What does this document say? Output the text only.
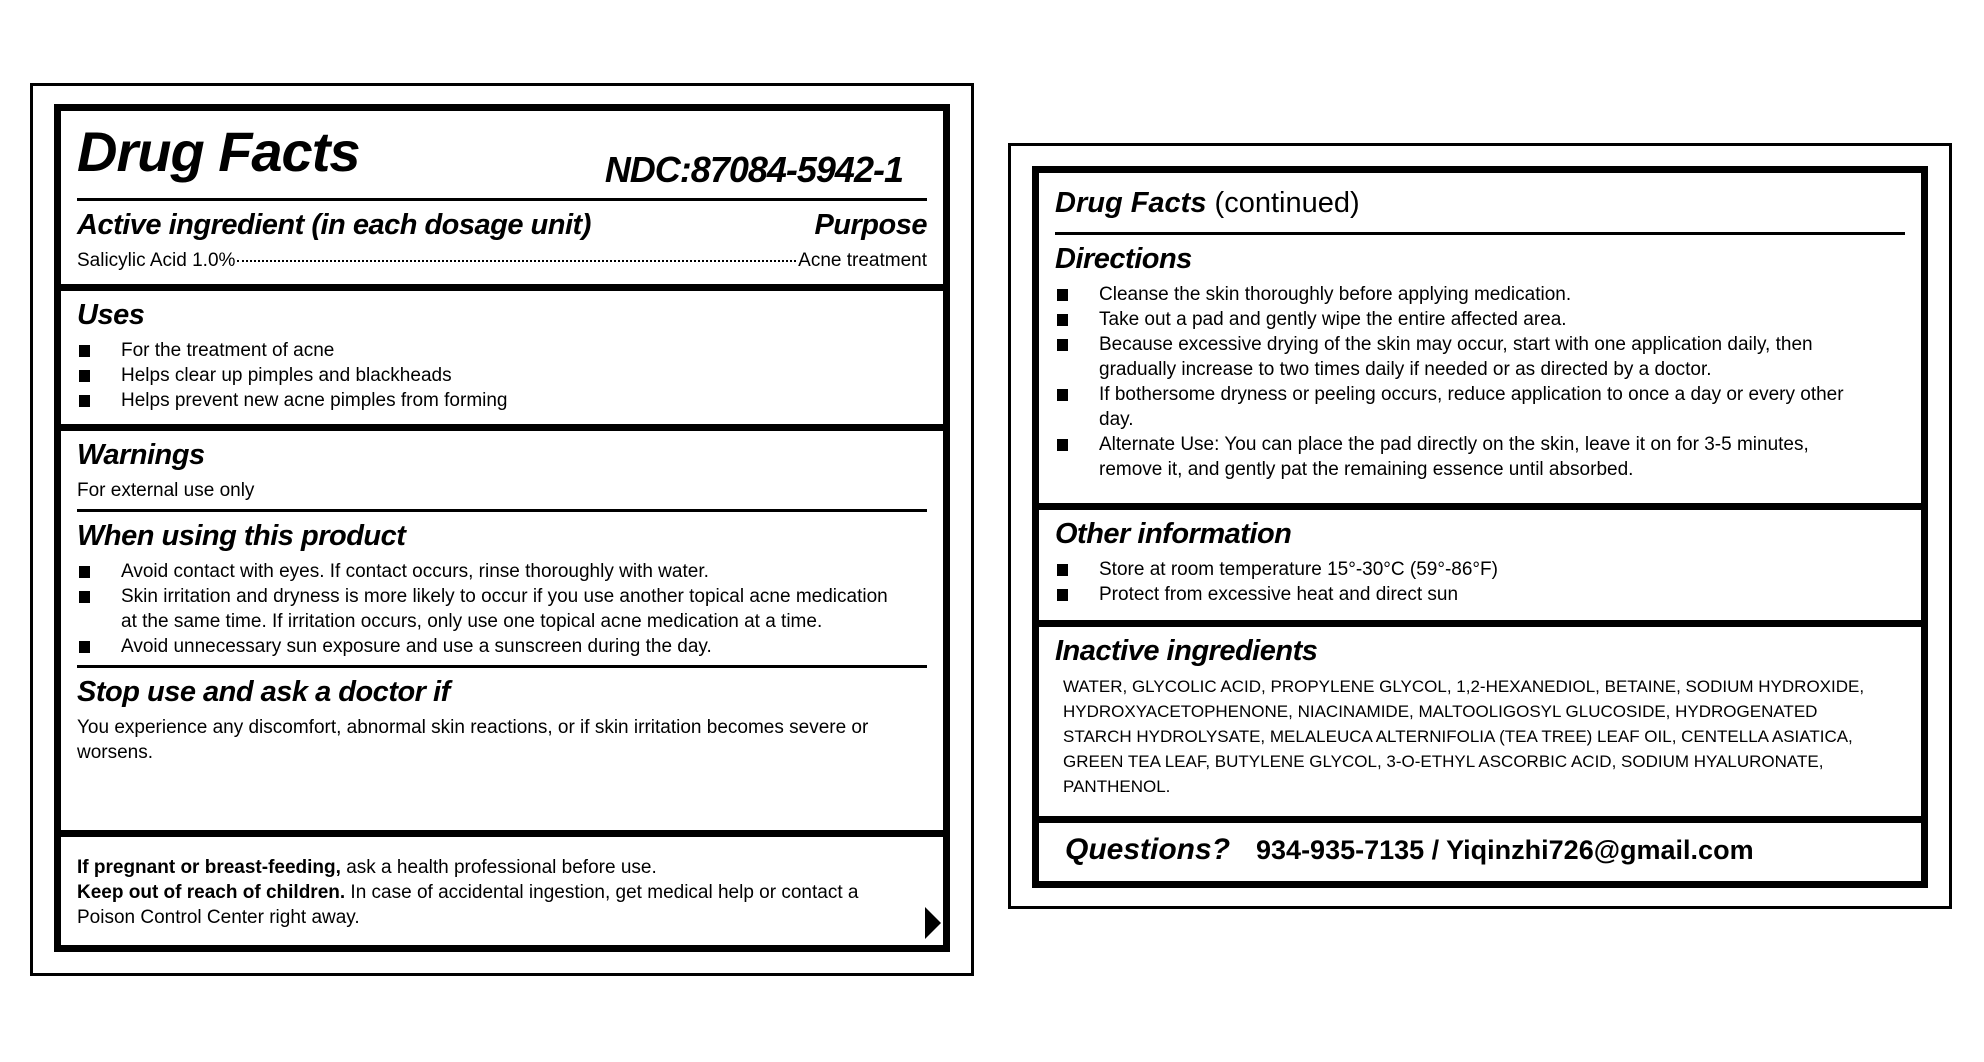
Drug Facts	NDC:87084-5942-1
Active ingredient (in each dosage unit)	Purpose

Salicylic Acid 1.0%	Acne treatment

Uses
For the treatment of acne
Helps clear up pimples and blackheads
Helps prevent new acne pimples from forming
Warnings

For external use only

When using this product
Avoid contact with eyes. If contact occurs, rinse thoroughly with water.
Skin irritation and dryness is more likely to occur if you use another topical acne medication at the same time. If irritation occurs, only use one topical acne medication at a time.
Avoid unnecessary sun exposure and use a sunscreen during the day.
Stop use and ask a doctor if

You experience any discomfort, abnormal skin reactions, or if skin irritation becomes severe or worsens.

If pregnant or breast-feeding, ask a health professional before use.

Keep out of reach of children. In case of accidental ingestion, get medical help or contact a Poison Control Center right away.

Drug Facts (continued)
Directions
Cleanse the skin thoroughly before applying medication.
Take out a pad and gently wipe the entire affected area.
Because excessive drying of the skin may occur, start with one application daily, then gradually increase to two times daily if needed or as directed by a doctor.
If bothersome dryness or peeling occurs, reduce application to once a day or every other day.
Alternate Use: You can place the pad directly on the skin, leave it on for 3-5 minutes, remove it, and gently pat the remaining essence until absorbed.
Other information
Store at room temperature 15°-30°C (59°-86°F)
Protect from excessive heat and direct sun
Inactive ingredients

WATER, GLYCOLIC ACID, PROPYLENE GLYCOL, 1,2-HEXANEDIOL, BETAINE, SODIUM HYDROXIDE, HYDROXYACETOPHENONE, NIACINAMIDE, MALTOOLIGOSYL GLUCOSIDE, HYDROGENATED STARCH HYDROLYSATE, MELALEUCA ALTERNIFOLIA (TEA TREE) LEAF OIL, CENTELLA ASIATICA, GREEN TEA LEAF, BUTYLENE GLYCOL, 3-O-ETHYL ASCORBIC ACID, SODIUM HYALURONATE, PANTHENOL.

Questions? 934-935-7135 / Yiqinzhi726@gmail.com
